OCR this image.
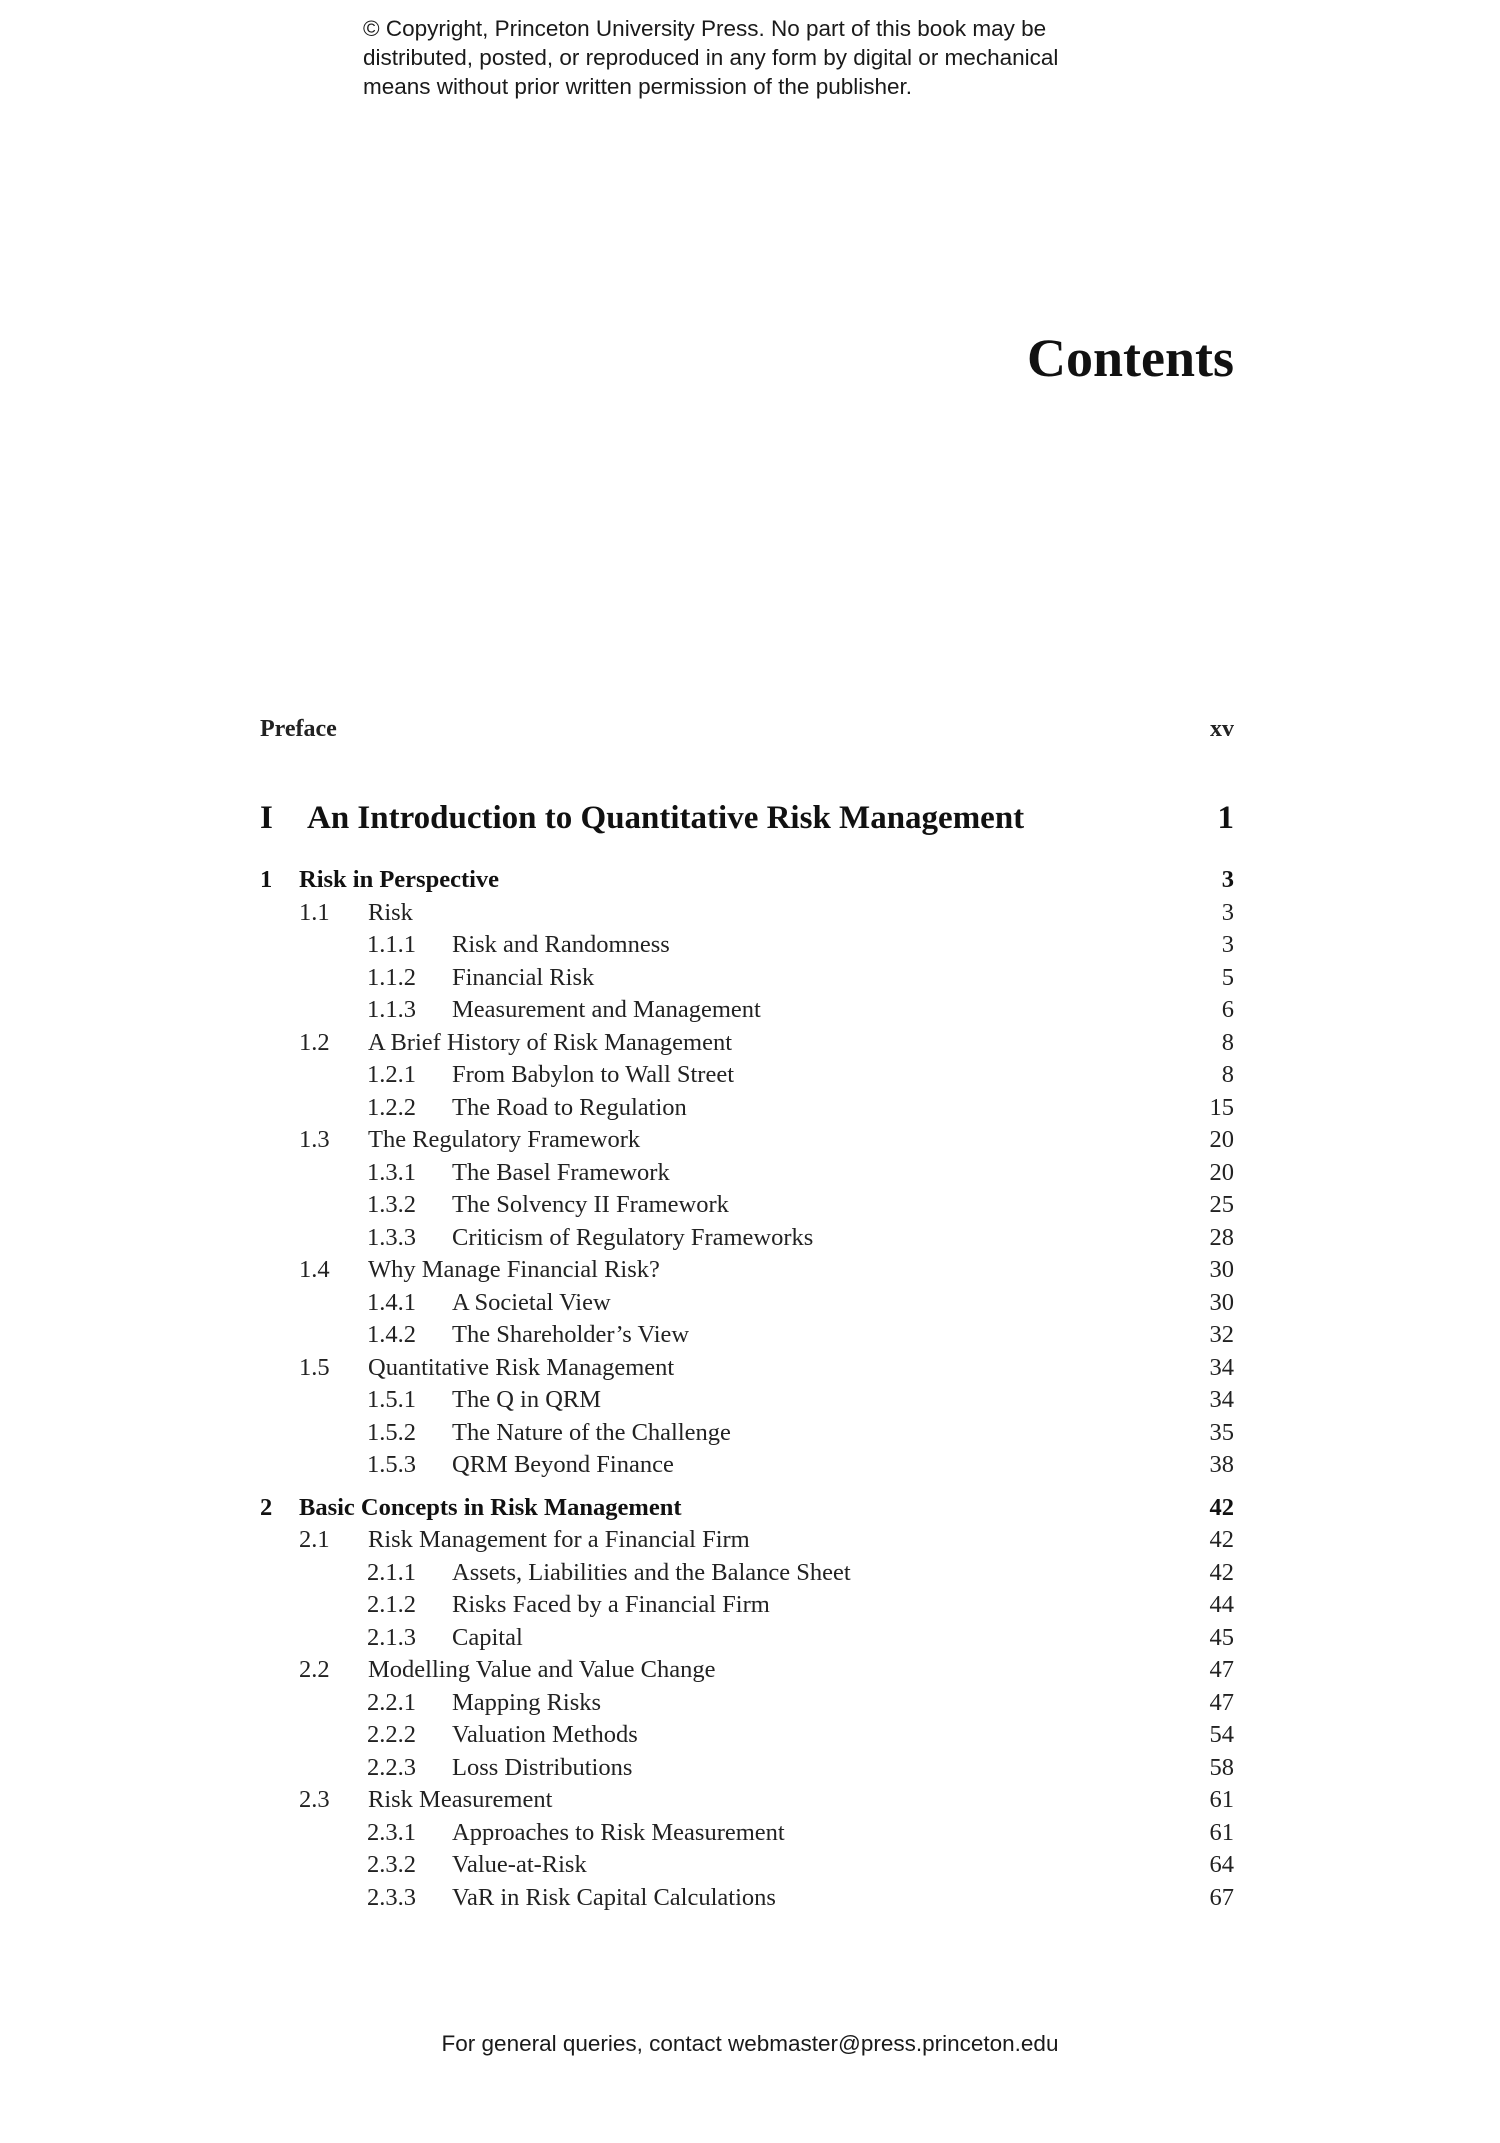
© Copyright, Princeton University Press. No part of this book may be
distributed, posted, or reproduced in any form by digital or mechanical
means without prior written permission of the publisher.
Contents
Preface	xv
I An Introduction to Quantitative Risk Management	1
1 Risk in Perspective	3
1.1 Risk	3
1.1.1 Risk and Randomness	3
1.1.2 Financial Risk	5
1.1.3 Measurement and Management	6
1.2 A Brief History of Risk Management	8
1.2.1 From Babylon to Wall Street	8
1.2.2 The Road to Regulation	15
1.3 The Regulatory Framework	20
1.3.1 The Basel Framework	20
1.3.2 The Solvency II Framework	25
1.3.3 Criticism of Regulatory Frameworks	28
1.4 Why Manage Financial Risk?	30
1.4.1 A Societal View	30
1.4.2 The Shareholder’s View	32
1.5 Quantitative Risk Management	34
1.5.1 The Q in QRM	34
1.5.2 The Nature of the Challenge	35
1.5.3 QRM Beyond Finance	38
2 Basic Concepts in Risk Management	42
2.1 Risk Management for a Financial Firm	42
2.1.1 Assets, Liabilities and the Balance Sheet	42
2.1.2 Risks Faced by a Financial Firm	44
2.1.3 Capital	45
2.2 Modelling Value and Value Change	47
2.2.1 Mapping Risks	47
2.2.2 Valuation Methods	54
2.2.3 Loss Distributions	58
2.3 Risk Measurement	61
2.3.1 Approaches to Risk Measurement	61
2.3.2 Value-at-Risk	64
2.3.3 VaR in Risk Capital Calculations	67
For general queries, contact webmaster@press.princeton.edu
